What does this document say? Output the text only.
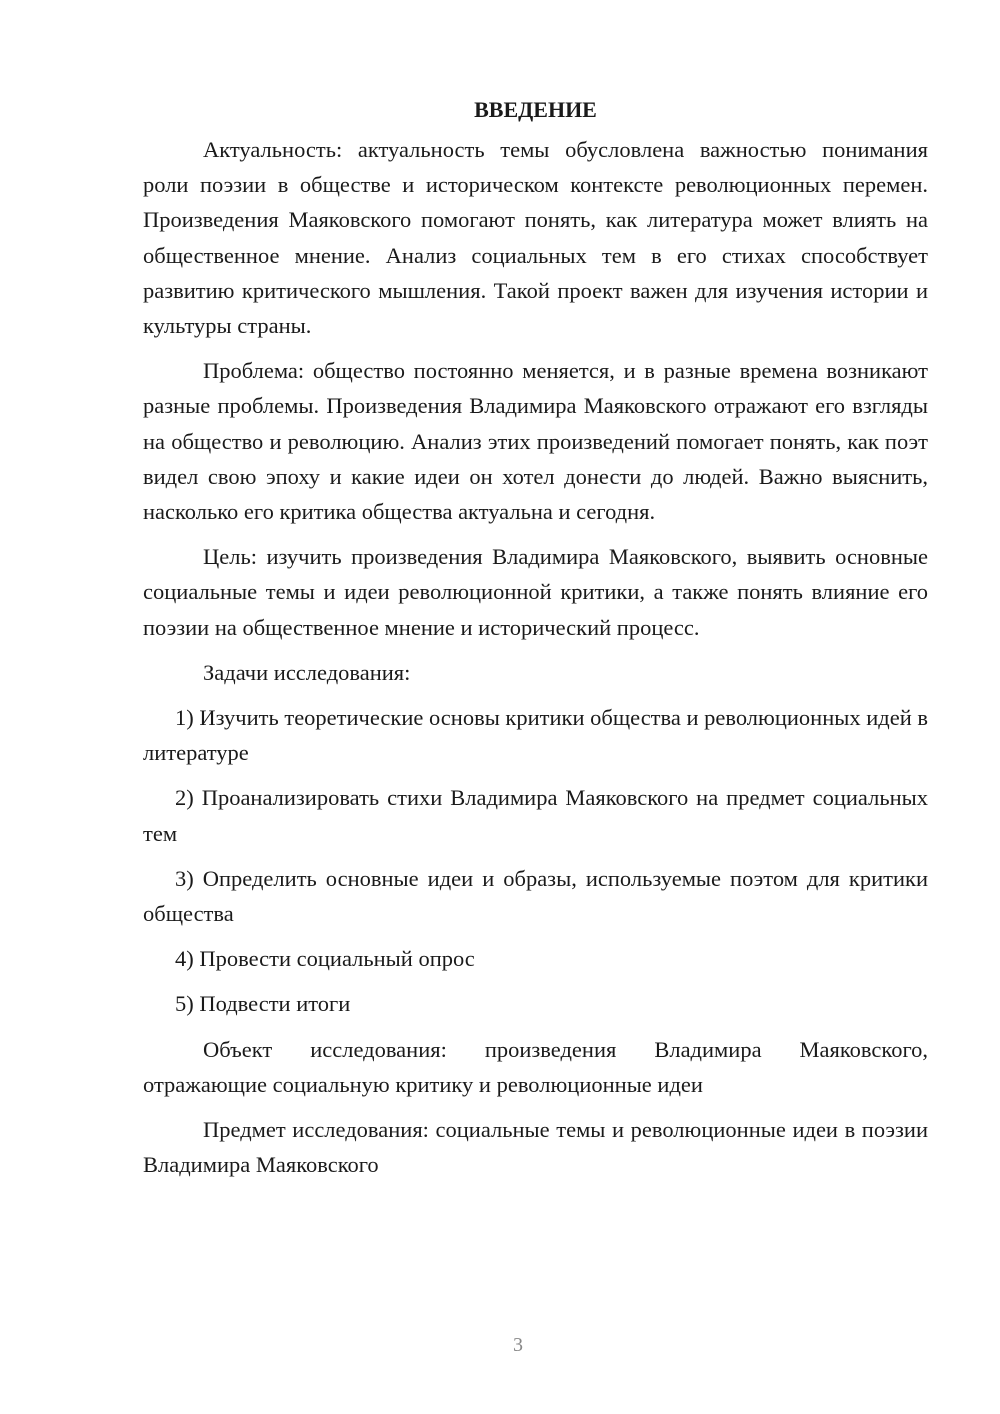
ВВЕДЕНИЕ

Актуальность: актуальность темы обусловлена важностью понимания роли поэзии в обществе и историческом контексте революционных перемен. Произведения Маяковского помогают понять, как литература может влиять на общественное мнение. Анализ социальных тем в его стихах способствует развитию критического мышления. Такой проект важен для изучения истории и культуры страны.

Проблема: общество постоянно меняется, и в разные времена возникают разные проблемы. Произведения Владимира Маяковского отражают его взгляды на общество и революцию. Анализ этих произведений помогает понять, как поэт видел свою эпоху и какие идеи он хотел донести до людей. Важно выяснить, насколько его критика общества актуальна и сегодня.

Цель: изучить произведения Владимира Маяковского, выявить основные социальные темы и идеи революционной критики, а также понять влияние его поэзии на общественное мнение и исторический процесс.

Задачи исследования:

1) Изучить теоретические основы критики общества и революционных идей в литературе

2) Проанализировать стихи Владимира Маяковского на предмет социальных тем

3) Определить основные идеи и образы, используемые поэтом для критики общества

4) Провести социальный опрос

5) Подвести итоги

Объект исследования: произведения Владимира Маяковского, отражающие социальную критику и революционные идеи

Предмет исследования: социальные темы и революционные идеи в поэзии Владимира Маяковского

3
